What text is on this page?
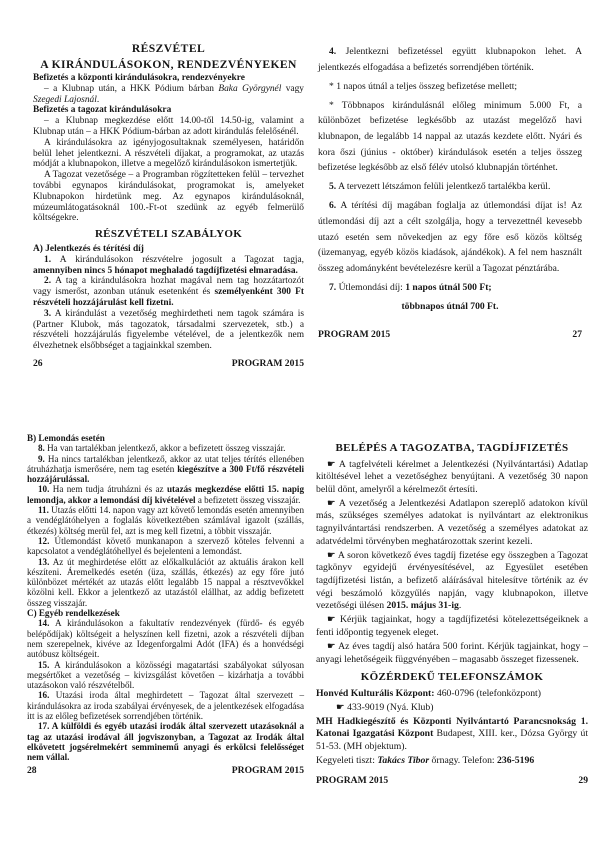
RÉSZVÉTEL
A KIRÁNDULÁSOKON, RENDEZVÉNYEKEN

Befizetés a központi kirándulásokra, rendezvényekre

– a Klubnap után, a HKK Pódium bárban Baka Györgynél vagy Szegedi Lajosnál.

Befizetés a tagozat kirándulásokra

– a Klubnap megkezdése előtt 14.00-től 14.50-ig, valamint a Klubnap után – a HKK Pódium-bárban az adott kirándulás felelősénél.

A kirándulásokra az igényjogosultaknak személyesen, határidőn belül lehet jelentkezni. A részvételi díjakat, a programokat, az utazás módját a klubnapokon, illetve a megelőző kirándulásokon ismertetjük.

A Tagozat vezetősége – a Programban rögzítetteken felül – tervezhet további egynapos kirándulásokat, programokat is, amelyeket Klubnapokon hirdetünk meg. Az egynapos kirándulásoknál, múzeumlátogatásoknál 100.-Ft-ot szedünk az egyéb felmerülő költségekre.

RÉSZVÉTELI SZABÁLYOK

A) Jelentkezés és térítési díj

1. A kirándulásokon részvételre jogosult a Tagozat tagja, amennyiben nincs 5 hónapot meghaladó tagdíjfizetési elmaradása.

2. A tag a kirándulásokra hozhat magával nem tag hozzátartozót vagy ismerőst, azonban utánuk esetenként és személyenként 300 Ft részvételi hozzájárulást kell fizetni.

3. A kirándulást a vezetőség meghirdetheti nem tagok számára is (Partner Klubok, más tagozatok, társadalmi szervezetek, stb.) a részvételi hozzájárulás figyelembe vételével, de a jelentkezők nem élvezhetnek elsőbbséget a tagjainkkal szemben.

26	PROGRAM 2015

4. Jelentkezni befizetéssel együtt klubnapokon lehet. A jelentkezés elfogadása a befizetés sorrendjében történik.

* 1 napos útnál a teljes összeg befizetése mellett;

* Többnapos kirándulásnál előleg minimum 5.000 Ft, a különbözet befizetése legkésőbb az utazást megelőző havi klubnapon, de legalább 14 nappal az utazás kezdete előtt. Nyári és kora őszi (június - október) kirándulások esetén a teljes összeg befizetése legkésőbb az első félév utolsó klubnapján történhet.

5. A tervezett létszámon felüli jelentkező tartalékba kerül.

6. A térítési díj magában foglalja az útlemondási díjat is! Az útlemondási díj azt a célt szolgálja, hogy a tervezettnél kevesebb utazó esetén sem növekedjen az egy főre eső közös költség (üzemanyag, egyéb közös kiadások, ajándékok). A fel nem használt összeg adományként bevételezésre kerül a Tagozat pénztárába.

7. Útlemondási díj: 1 napos útnál 500 Ft;

többnapos útnál 700 Ft.

PROGRAM 2015	27

B) Lemondás esetén

8. Ha van tartalékban jelentkező, akkor a befizetett összeg visszajár.

9. Ha nincs tartalékban jelentkező, akkor az utat teljes térítés ellenében átruházhatja ismerősére, nem tag esetén kiegészítve a 300 Ft/fő részvételi hozzájárulással.

10. Ha nem tudja átruházni és az utazás megkezdése előtti 15. napig lemondja, akkor a lemondási díj kivételével a befizetett összeg visszajár.

11. Utazás előtti 14. napon vagy azt követő lemondás esetén amennyiben a vendéglátóhelyen a foglalás következtében számlával igazolt (szállás, étkezés) költség merül fel, azt is meg kell fizetni, a többit visszajár.

12. Útlemondást követő munkanapon a szervező köteles felvenni a kapcsolatot a vendéglátóhellyel és bejelenteni a lemondást.

13. Az út meghirdetése előtt az előkalkulációt az aktuális árakon kell készíteni. Áremelkedés esetén (üza, szállás, étkezés) az egy főre jutó különbözet mértékét az utazás előtt legalább 15 nappal a résztvevőkkel közölni kell. Ekkor a jelentkező az utazástól elállhat, az addig befizetett összeg visszajár.

C) Egyéb rendelkezések

14. A kirándulásokon a fakultatív rendezvények (fürdő- és egyéb belépődíjak) költségeit a helyszínen kell fizetni, azok a részvételi díjban nem szerepelnek, kivéve az Idegenforgalmi Adót (IFA) és a honvédségi autóbusz költségeit.

15. A kirándulásokon a közösségi magatartási szabályokat súlyosan megsértőket a vezetőség – kivizsgálást követően – kizárhatja a további utazásokon való részvételből.

16. Utazási iroda által meghirdetett – Tagozat által szervezett – kirándulásokra az iroda szabályai érvényesek, de a jelentkezések elfogadása itt is az előleg befizetések sorrendjében történik.

17. A külföldi és egyéb utazási irodák által szervezett utazásoknál a tag az utazási irodával áll jogviszonyban, a Tagozat az Irodák által elkövetett jogsérelmekért semminemű anyagi és erkölcsi felelősséget nem vállal.

28	PROGRAM 2015
BELÉPÉS A TAGOZATBA, TAGDÍJFIZETÉS

☛ A tagfelvételi kérelmet a Jelentkezési (Nyilvántartási) Adatlap kitöltésével lehet a vezetőséghez benyújtani. A vezetőség 30 napon belül dönt, amelyről a kérelmezőt értesíti.

☛ A vezetőség a Jelentkezési Adatlapon szereplő adatokon kívül más, szükséges személyes adatokat is nyilvántart az elektronikus tagnyilvántartási rendszerben. A vezetőség a személyes adatokat az adatvédelmi törvényben meghatározottak szerint kezeli.

☛ A soron következő éves tagdíj fizetése egy összegben a Tagozat tagkönyv egyidejű érvényesítésével, az Egyesület esetében tagdíjfizetési listán, a befizető aláírásával hitelesítve történik az év végi beszámoló közgyűlés napján, vagy klubnapokon, illetve vezetőségi ülésen 2015. május 31-ig.

☛ Kérjük tagjainkat, hogy a tagdíjfizetési kötelezettségeiknek a fenti időpontig tegyenek eleget.

☛ Az éves tagdíj alsó határa 500 forint. Kérjük tagjainkat, hogy – anyagi lehetőségeik függvényében – magasabb összeget fizessenek.

KÖZÉRDEKŰ TELEFONSZÁMOK

Honvéd Kulturális Központ: 460-0796 (telefonközpont)

☛ 433-9019 (Nyá. Klub)

MH Hadkiegészítő és Központi Nyilvántartó Parancsnokság 1. Katonai Igazgatási Központ Budapest, XIII. ker., Dózsa György út 51-53. (MH objektum).

Kegyeleti tiszt: Takács Tibor őrnagy. Telefon: 236-5196

PROGRAM 2015	29
